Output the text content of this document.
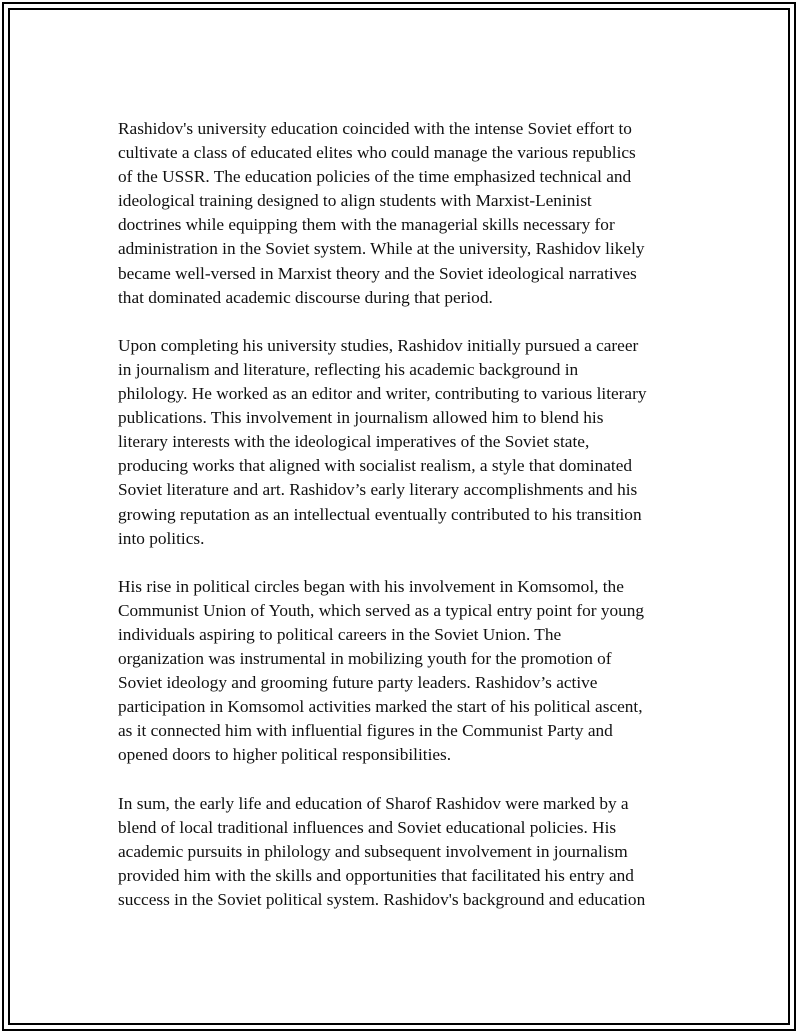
Rashidov's university education coincided with the intense Soviet effort to
cultivate a class of educated elites who could manage the various republics
of the USSR. The education policies of the time emphasized technical and
ideological training designed to align students with Marxist-Leninist
doctrines while equipping them with the managerial skills necessary for
administration in the Soviet system. While at the university, Rashidov likely
became well-versed in Marxist theory and the Soviet ideological narratives
that dominated academic discourse during that period.

Upon completing his university studies, Rashidov initially pursued a career
in journalism and literature, reflecting his academic background in
philology. He worked as an editor and writer, contributing to various literary
publications. This involvement in journalism allowed him to blend his
literary interests with the ideological imperatives of the Soviet state,
producing works that aligned with socialist realism, a style that dominated
Soviet literature and art. Rashidov’s early literary accomplishments and his
growing reputation as an intellectual eventually contributed to his transition
into politics.

His rise in political circles began with his involvement in Komsomol, the
Communist Union of Youth, which served as a typical entry point for young
individuals aspiring to political careers in the Soviet Union. The
organization was instrumental in mobilizing youth for the promotion of
Soviet ideology and grooming future party leaders. Rashidov’s active
participation in Komsomol activities marked the start of his political ascent,
as it connected him with influential figures in the Communist Party and
opened doors to higher political responsibilities.

In sum, the early life and education of Sharof Rashidov were marked by a
blend of local traditional influences and Soviet educational policies. His
academic pursuits in philology and subsequent involvement in journalism
provided him with the skills and opportunities that facilitated his entry and
success in the Soviet political system. Rashidov's background and education
